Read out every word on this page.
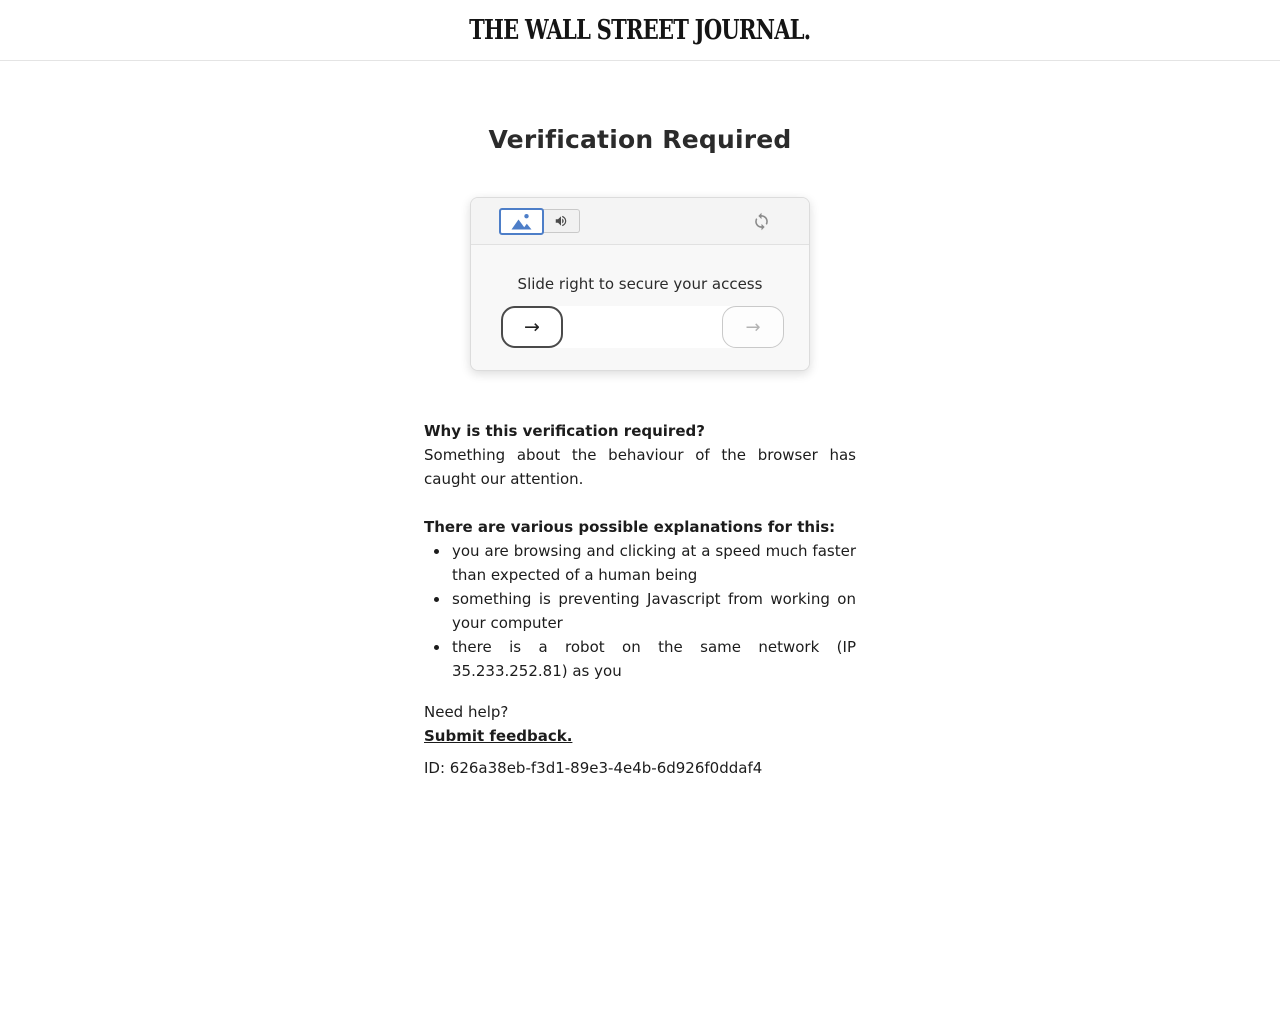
THE WALL STREET JOURNAL.
Verification Required
Slide right to secure your access
→	→
Why is this verification required?

Something about the behaviour of the browser has caught our attention.

There are various possible explanations for this:
• you are browsing and clicking at a speed much faster than expected of a human being
• something is preventing Javascript from working on your computer
• there is a robot on the same network (IP 35.233.252.81) as you

Need help?

Submit feedback.

ID: 626a38eb-f3d1-89e3-4e4b-6d926f0ddaf4
